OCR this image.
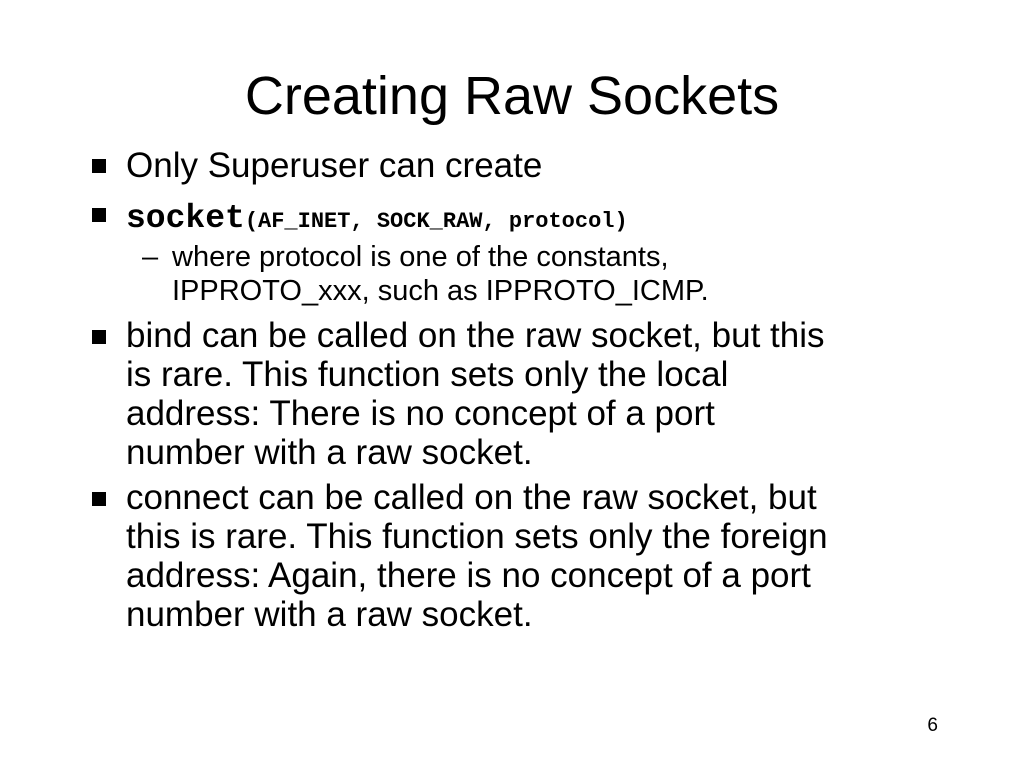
Creating Raw Sockets
Only Superuser can create
socket(AF_INET, SOCK_RAW, protocol)
– where protocol is one of the constants,
IPPROTO_xxx, such as IPPROTO_ICMP.
bind can be called on the raw socket, but this
is rare. This function sets only the local
address: There is no concept of a port
number with a raw socket.
connect can be called on the raw socket, but
this is rare. This function sets only the foreign
address: Again, there is no concept of a port
number with a raw socket.
6
